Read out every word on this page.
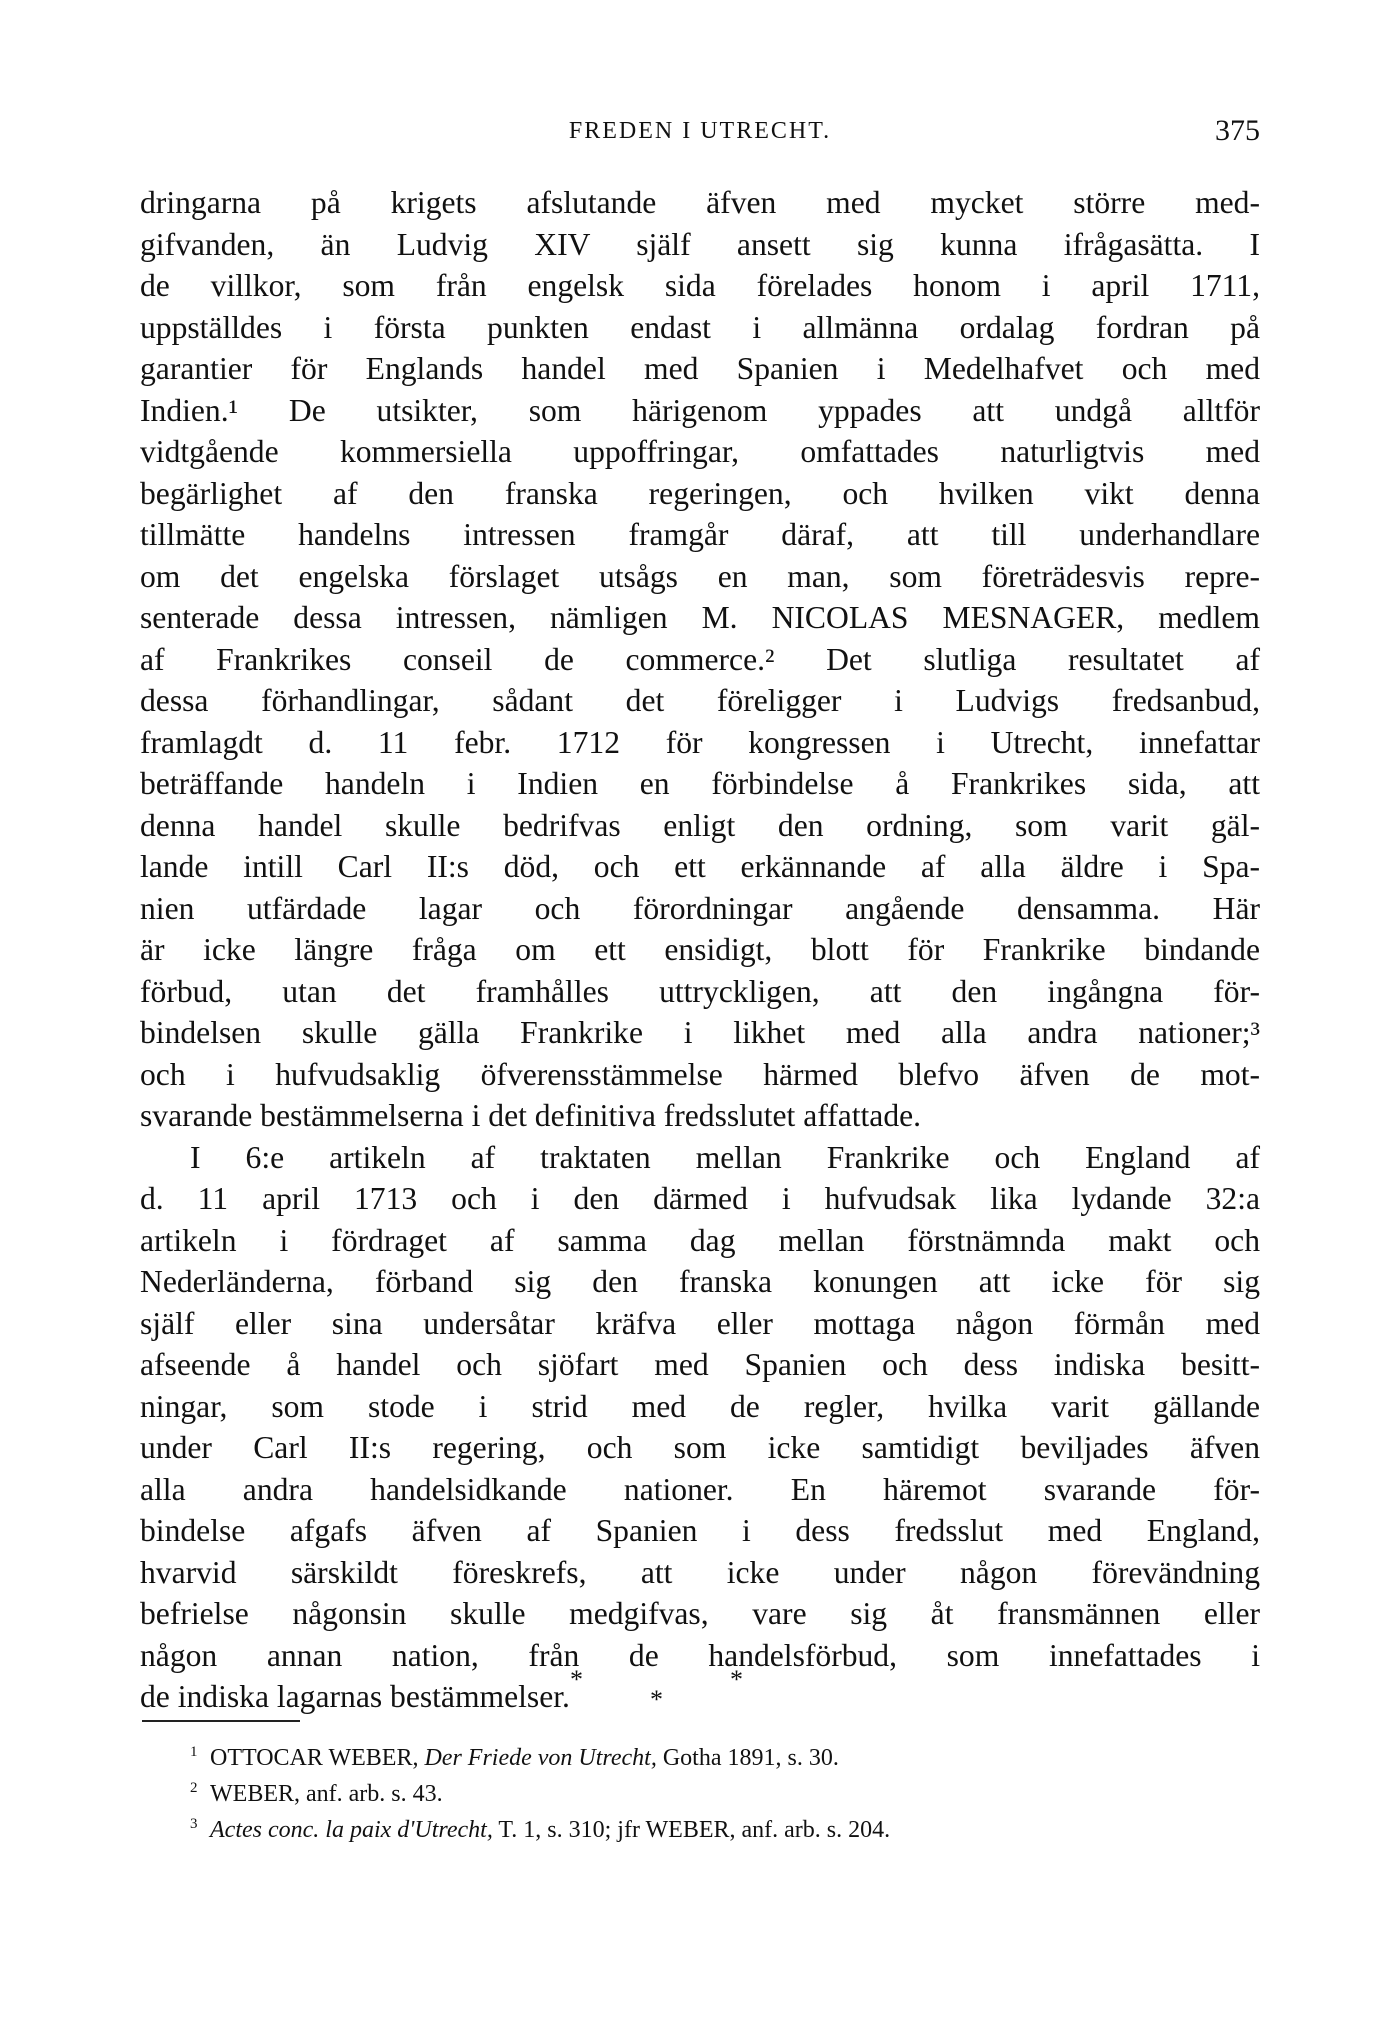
FREDEN I UTRECHT.	375
dringarna på krigets afslutande äfven med mycket större med-
gifvanden, än Ludvig XIV själf ansett sig kunna ifrågasätta. I
de villkor, som från engelsk sida förelades honom i april 1711,
uppställdes i första punkten endast i allmänna ordalag fordran på
garantier för Englands handel med Spanien i Medelhafvet och med
Indien.¹ De utsikter, som härigenom yppades att undgå alltför
vidtgående kommersiella uppoffringar, omfattades naturligtvis med
begärlighet af den franska regeringen, och hvilken vikt denna
tillmätte handelns intressen framgår däraf, att till underhandlare
om det engelska förslaget utsågs en man, som företrädesvis repre-
senterade dessa intressen, nämligen M. NICOLAS MESNAGER, medlem
af Frankrikes conseil de commerce.² Det slutliga resultatet af
dessa förhandlingar, sådant det föreligger i Ludvigs fredsanbud,
framlagdt d. 11 febr. 1712 för kongressen i Utrecht, innefattar
beträffande handeln i Indien en förbindelse å Frankrikes sida, att
denna handel skulle bedrifvas enligt den ordning, som varit gäl-
lande intill Carl II:s död, och ett erkännande af alla äldre i Spa-
nien utfärdade lagar och förordningar angående densamma. Här
är icke längre fråga om ett ensidigt, blott för Frankrike bindande
förbud, utan det framhålles uttryckligen, att den ingångna för-
bindelsen skulle gälla Frankrike i likhet med alla andra nationer;³
och i hufvudsaklig öfverensstämmelse härmed blefvo äfven de mot-
svarande bestämmelserna i det definitiva fredsslutet affattade.
I 6:e artikeln af traktaten mellan Frankrike och England af
d. 11 april 1713 och i den därmed i hufvudsak lika lydande 32:a
artikeln i fördraget af samma dag mellan förstnämnda makt och
Nederländerna, förband sig den franska konungen att icke för sig
själf eller sina undersåtar kräfva eller mottaga någon förmån med
afseende å handel och sjöfart med Spanien och dess indiska besitt-
ningar, som stode i strid med de regler, hvilka varit gällande
under Carl II:s regering, och som icke samtidigt beviljades äfven
alla andra handelsidkande nationer. En häremot svarande för-
bindelse afgafs äfven af Spanien i dess fredsslut med England,
hvarvid särskildt föreskrefs, att icke under någon förevändning
befrielse någonsin skulle medgifvas, vare sig åt fransmännen eller
någon annan nation, från de handelsförbud, som innefattades i
de indiska lagarnas bestämmelser. *
*
*
1 OTTOCAR WEBER, Der Friede von Utrecht, Gotha 1891, s. 30.
2 WEBER, anf. arb. s. 43.
3 Actes conc. la paix d'Utrecht, T. 1, s. 310; jfr WEBER, anf. arb. s. 204.
